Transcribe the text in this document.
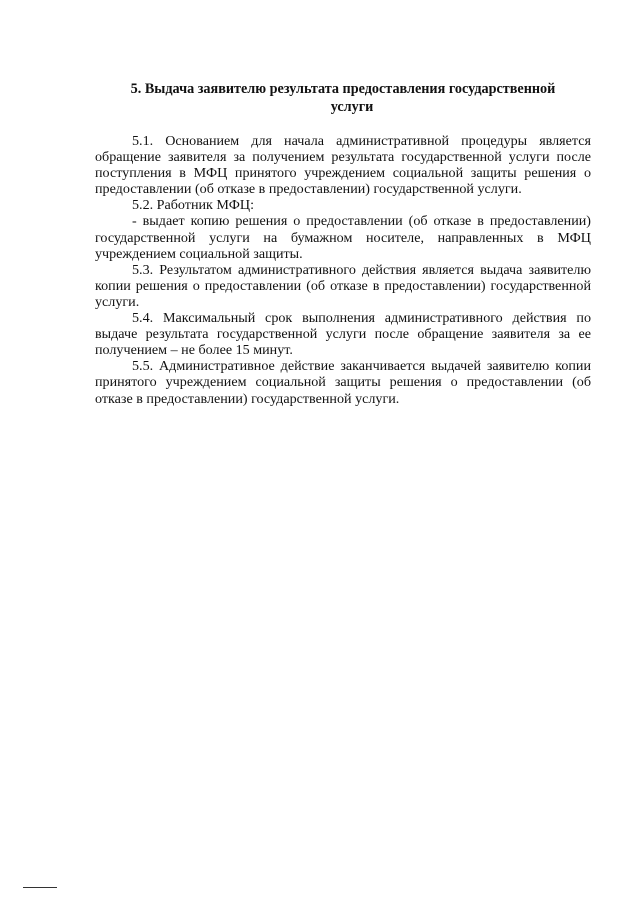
5. Выдача заявителю результата предоставления государственной
услуги

5.1. Основанием для начала административной процедуры является обращение заявителя за получением результата государственной услуги после поступления в МФЦ принятого учреждением социальной защиты решения о предоставлении (об отказе в предоставлении) государственной услуги.

5.2. Работник МФЦ:

- выдает копию решения о предоставлении (об отказе в предоставлении) государственной услуги на бумажном носителе, направленных в МФЦ учреждением социальной защиты.

5.3. Результатом административного действия является выдача заявителю копии решения о предоставлении (об отказе в предоставлении) государственной услуги.

5.4. Максимальный срок выполнения административного действия по выдаче результата государственной услуги после обращение заявителя за ее получением – не более 15 минут.

5.5. Административное действие заканчивается выдачей заявителю копии принятого учреждением социальной защиты решения о предоставлении (об отказе в предоставлении) государственной услуги.
